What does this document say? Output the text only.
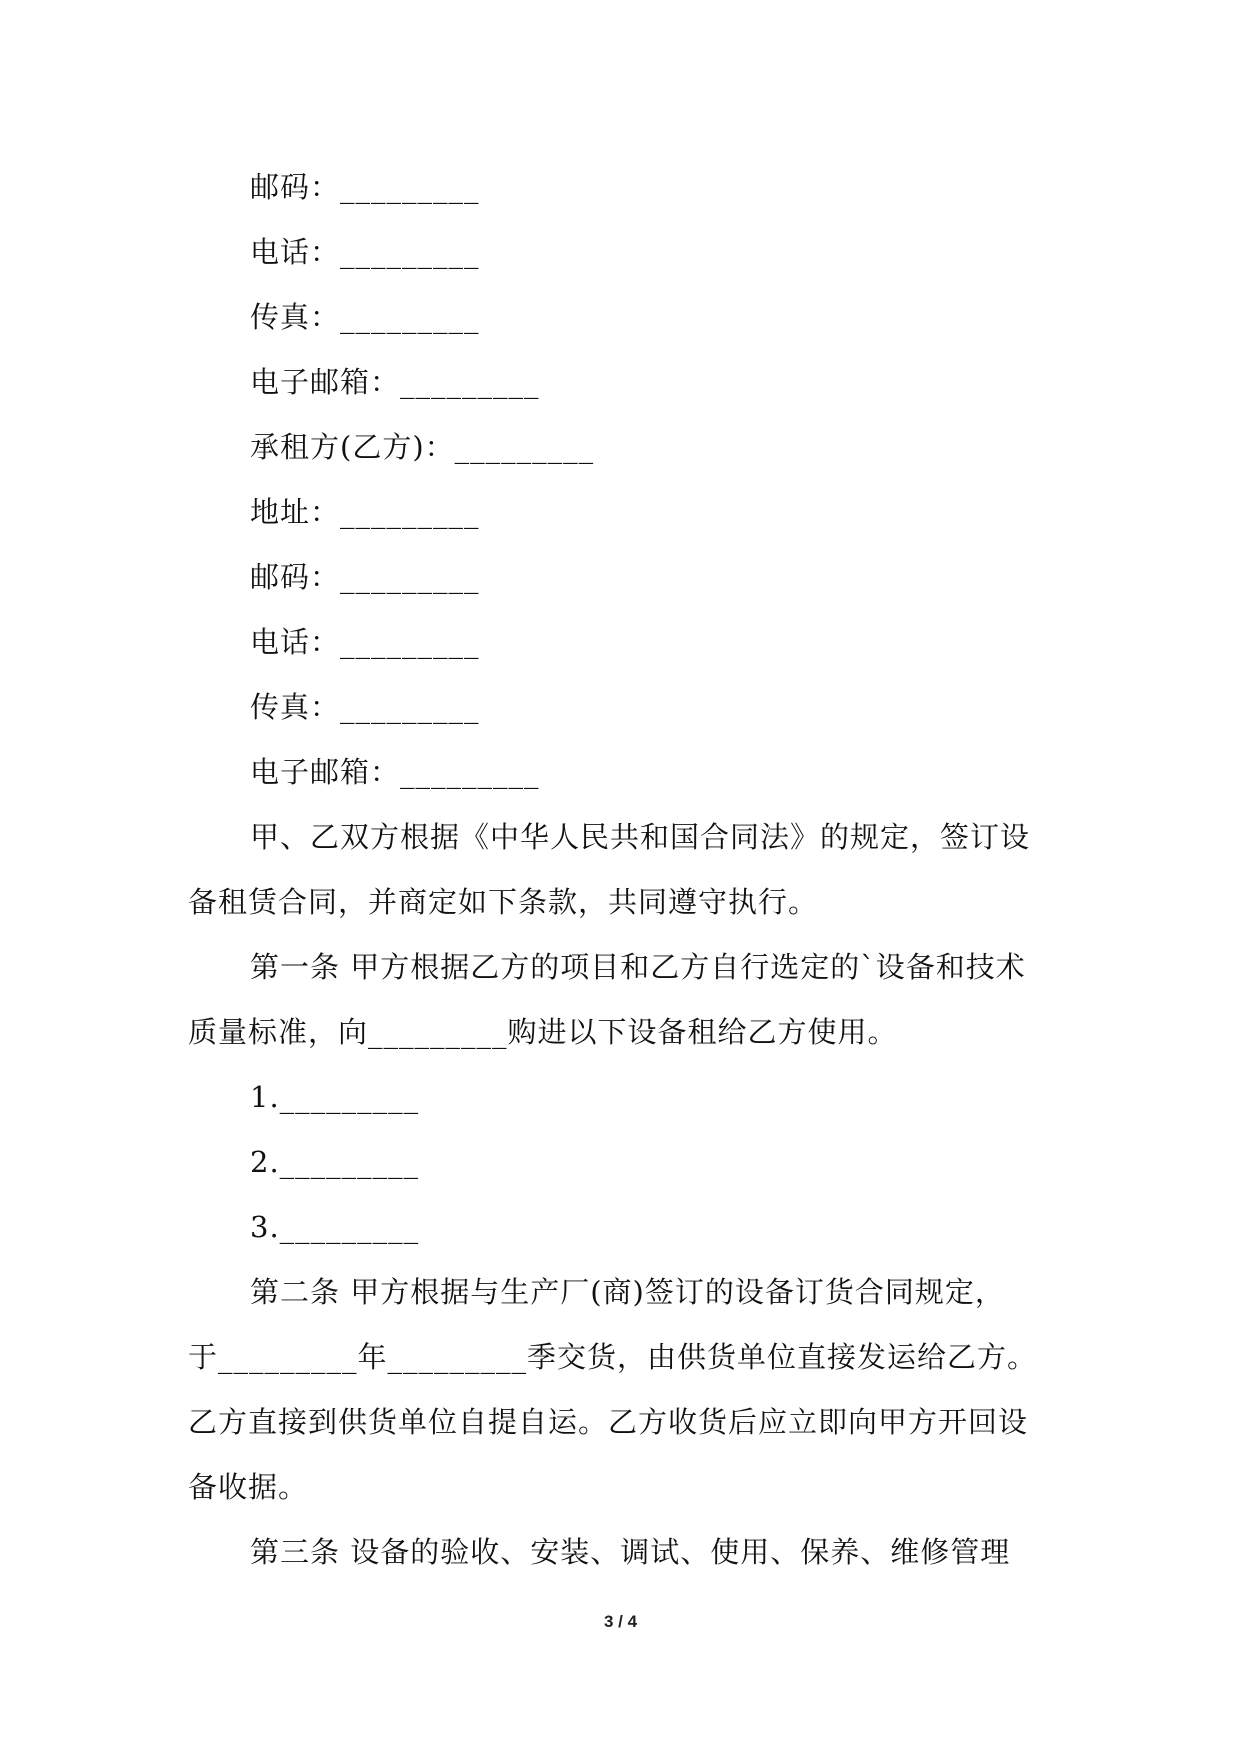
邮码：_________
电话：_________
传真：_________
电子邮箱：_________
承租方(乙方)：_________
地址：_________
邮码：_________
电话：_________
传真：_________
电子邮箱：_________
甲、乙双方根据《中华人民共和国合同法》的规定，签订设
备租赁合同，并商定如下条款，共同遵守执行。
第一条 甲方根据乙方的项目和乙方自行选定的`设备和技术
质量标准，向_________购进以下设备租给乙方使用。
1._________
2._________
3._________
第二条 甲方根据与生产厂(商)签订的设备订货合同规定，
于_________年_________季交货，由供货单位直接发运给乙方。
乙方直接到供货单位自提自运。乙方收货后应立即向甲方开回设
备收据。
第三条 设备的验收、安装、调试、使用、保养、维修管理
3 / 4
